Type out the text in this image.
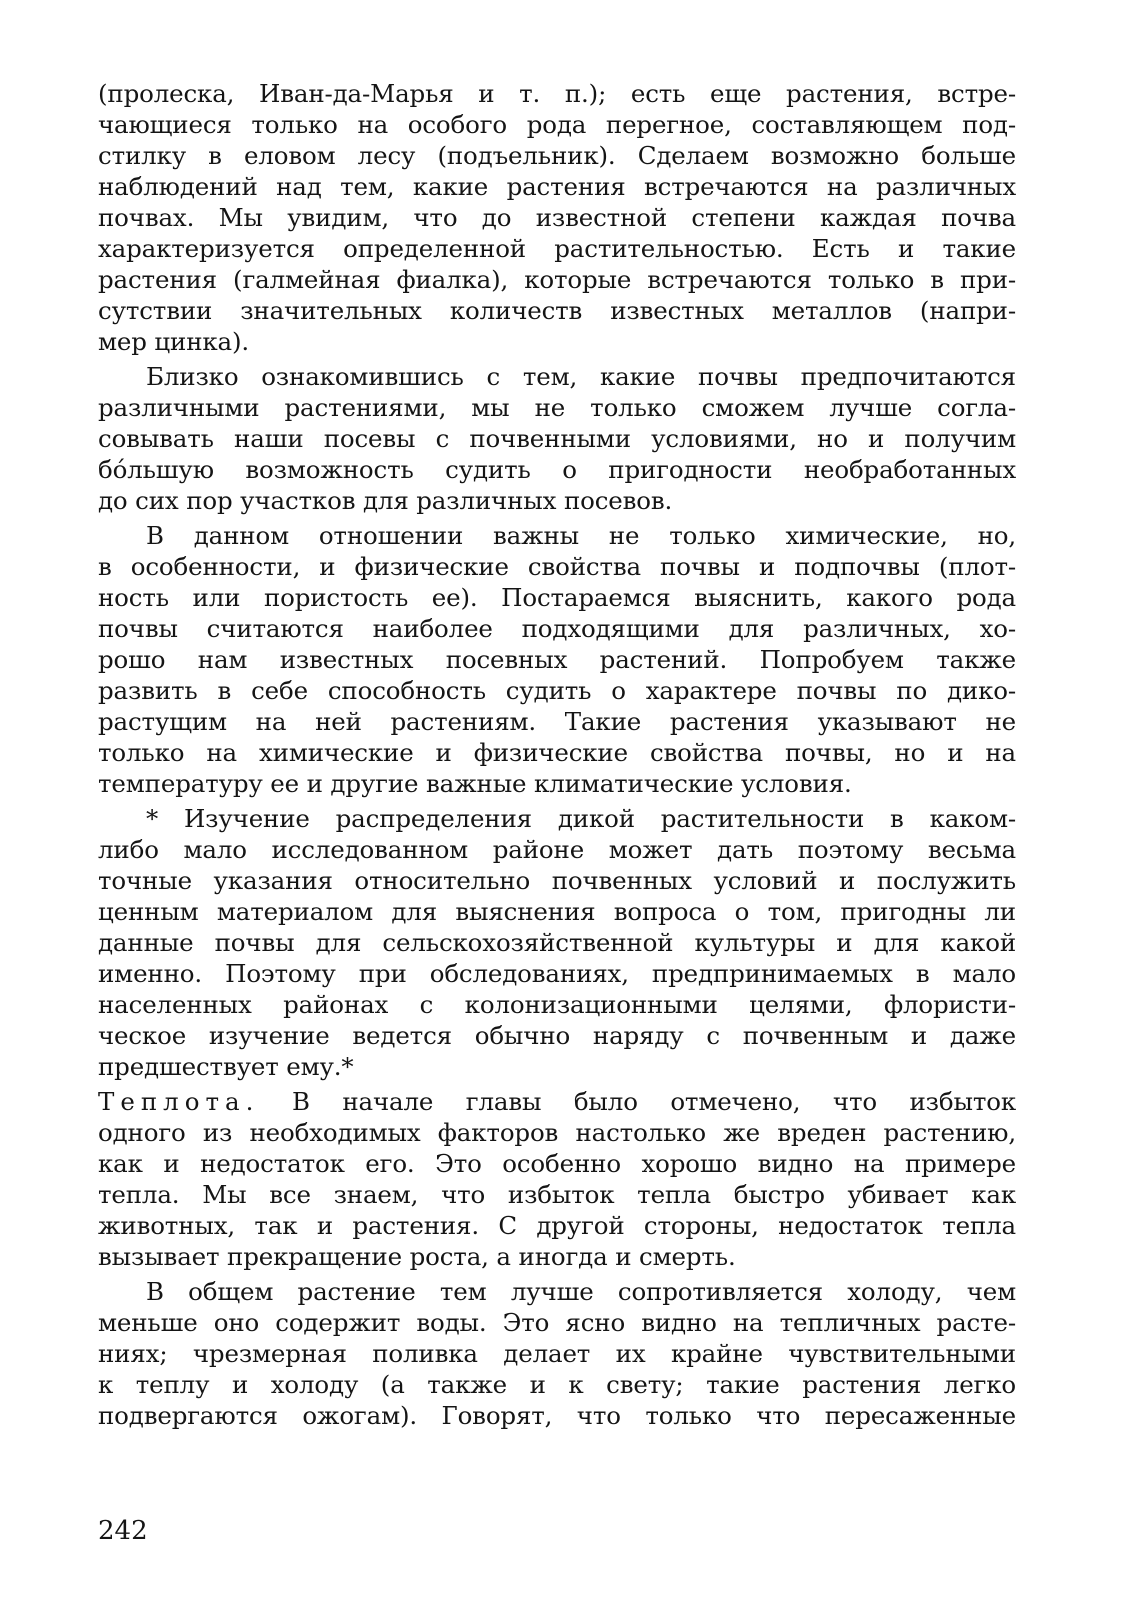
(пролеска, Иван-да-Марья и т. п.); есть еще растения, встре-
чающиеся только на особого рода перегное, составляющем под-
стилку в еловом лесу (подъельник). Сделаем возможно больше
наблюдений над тем, какие растения встречаются на различных
почвах. Мы увидим, что до известной степени каждая почва
характеризуется определенной растительностью. Есть и такие
растения (галмейная фиалка), которые встречаются только в при-
сутствии значительных количеств известных металлов (напри-
мер цинка).
Близко ознакомившись с тем, какие почвы предпочитаются
различными растениями, мы не только сможем лучше согла-
совывать наши посевы с почвенными условиями, но и получим
бóльшую возможность судить о пригодности необработанных
до сих пор участков для различных посевов.
В данном отношении важны не только химические, но,
в особенности, и физические свойства почвы и подпочвы (плот-
ность или пористость ее). Постараемся выяснить, какого рода
почвы считаются наиболее подходящими для различных, хо-
рошо нам известных посевных растений. Попробуем также
развить в себе способность судить о характере почвы по дико-
растущим на ней растениям. Такие растения указывают не
только на химические и физические свойства почвы, но и на
температуру ее и другие важные климатические условия.
* Изучение распределения дикой растительности в каком-
либо мало исследованном районе может дать поэтому весьма
точные указания относительно почвенных условий и послужить
ценным материалом для выяснения вопроса о том, пригодны ли
данные почвы для сельскохозяйственной культуры и для какой
именно. Поэтому при обследованиях, предпринимаемых в мало
населенных районах с колонизационными целями, флористи-
ческое изучение ведется обычно наряду с почвенным и даже
предшествует ему.*
Теплота. В начале главы было отмечено, что избыток
одного из необходимых факторов настолько же вреден растению,
как и недостаток его. Это особенно хорошо видно на примере
тепла. Мы все знаем, что избыток тепла быстро убивает как
животных, так и растения. С другой стороны, недостаток тепла
вызывает прекращение роста, а иногда и смерть.
В общем растение тем лучше сопротивляется холоду, чем
меньше оно содержит воды. Это ясно видно на тепличных расте-
ниях; чрезмерная поливка делает их крайне чувствительными
к теплу и холоду (а также и к свету; такие растения легко
подвергаются ожогам). Говорят, что только что пересаженные
242
